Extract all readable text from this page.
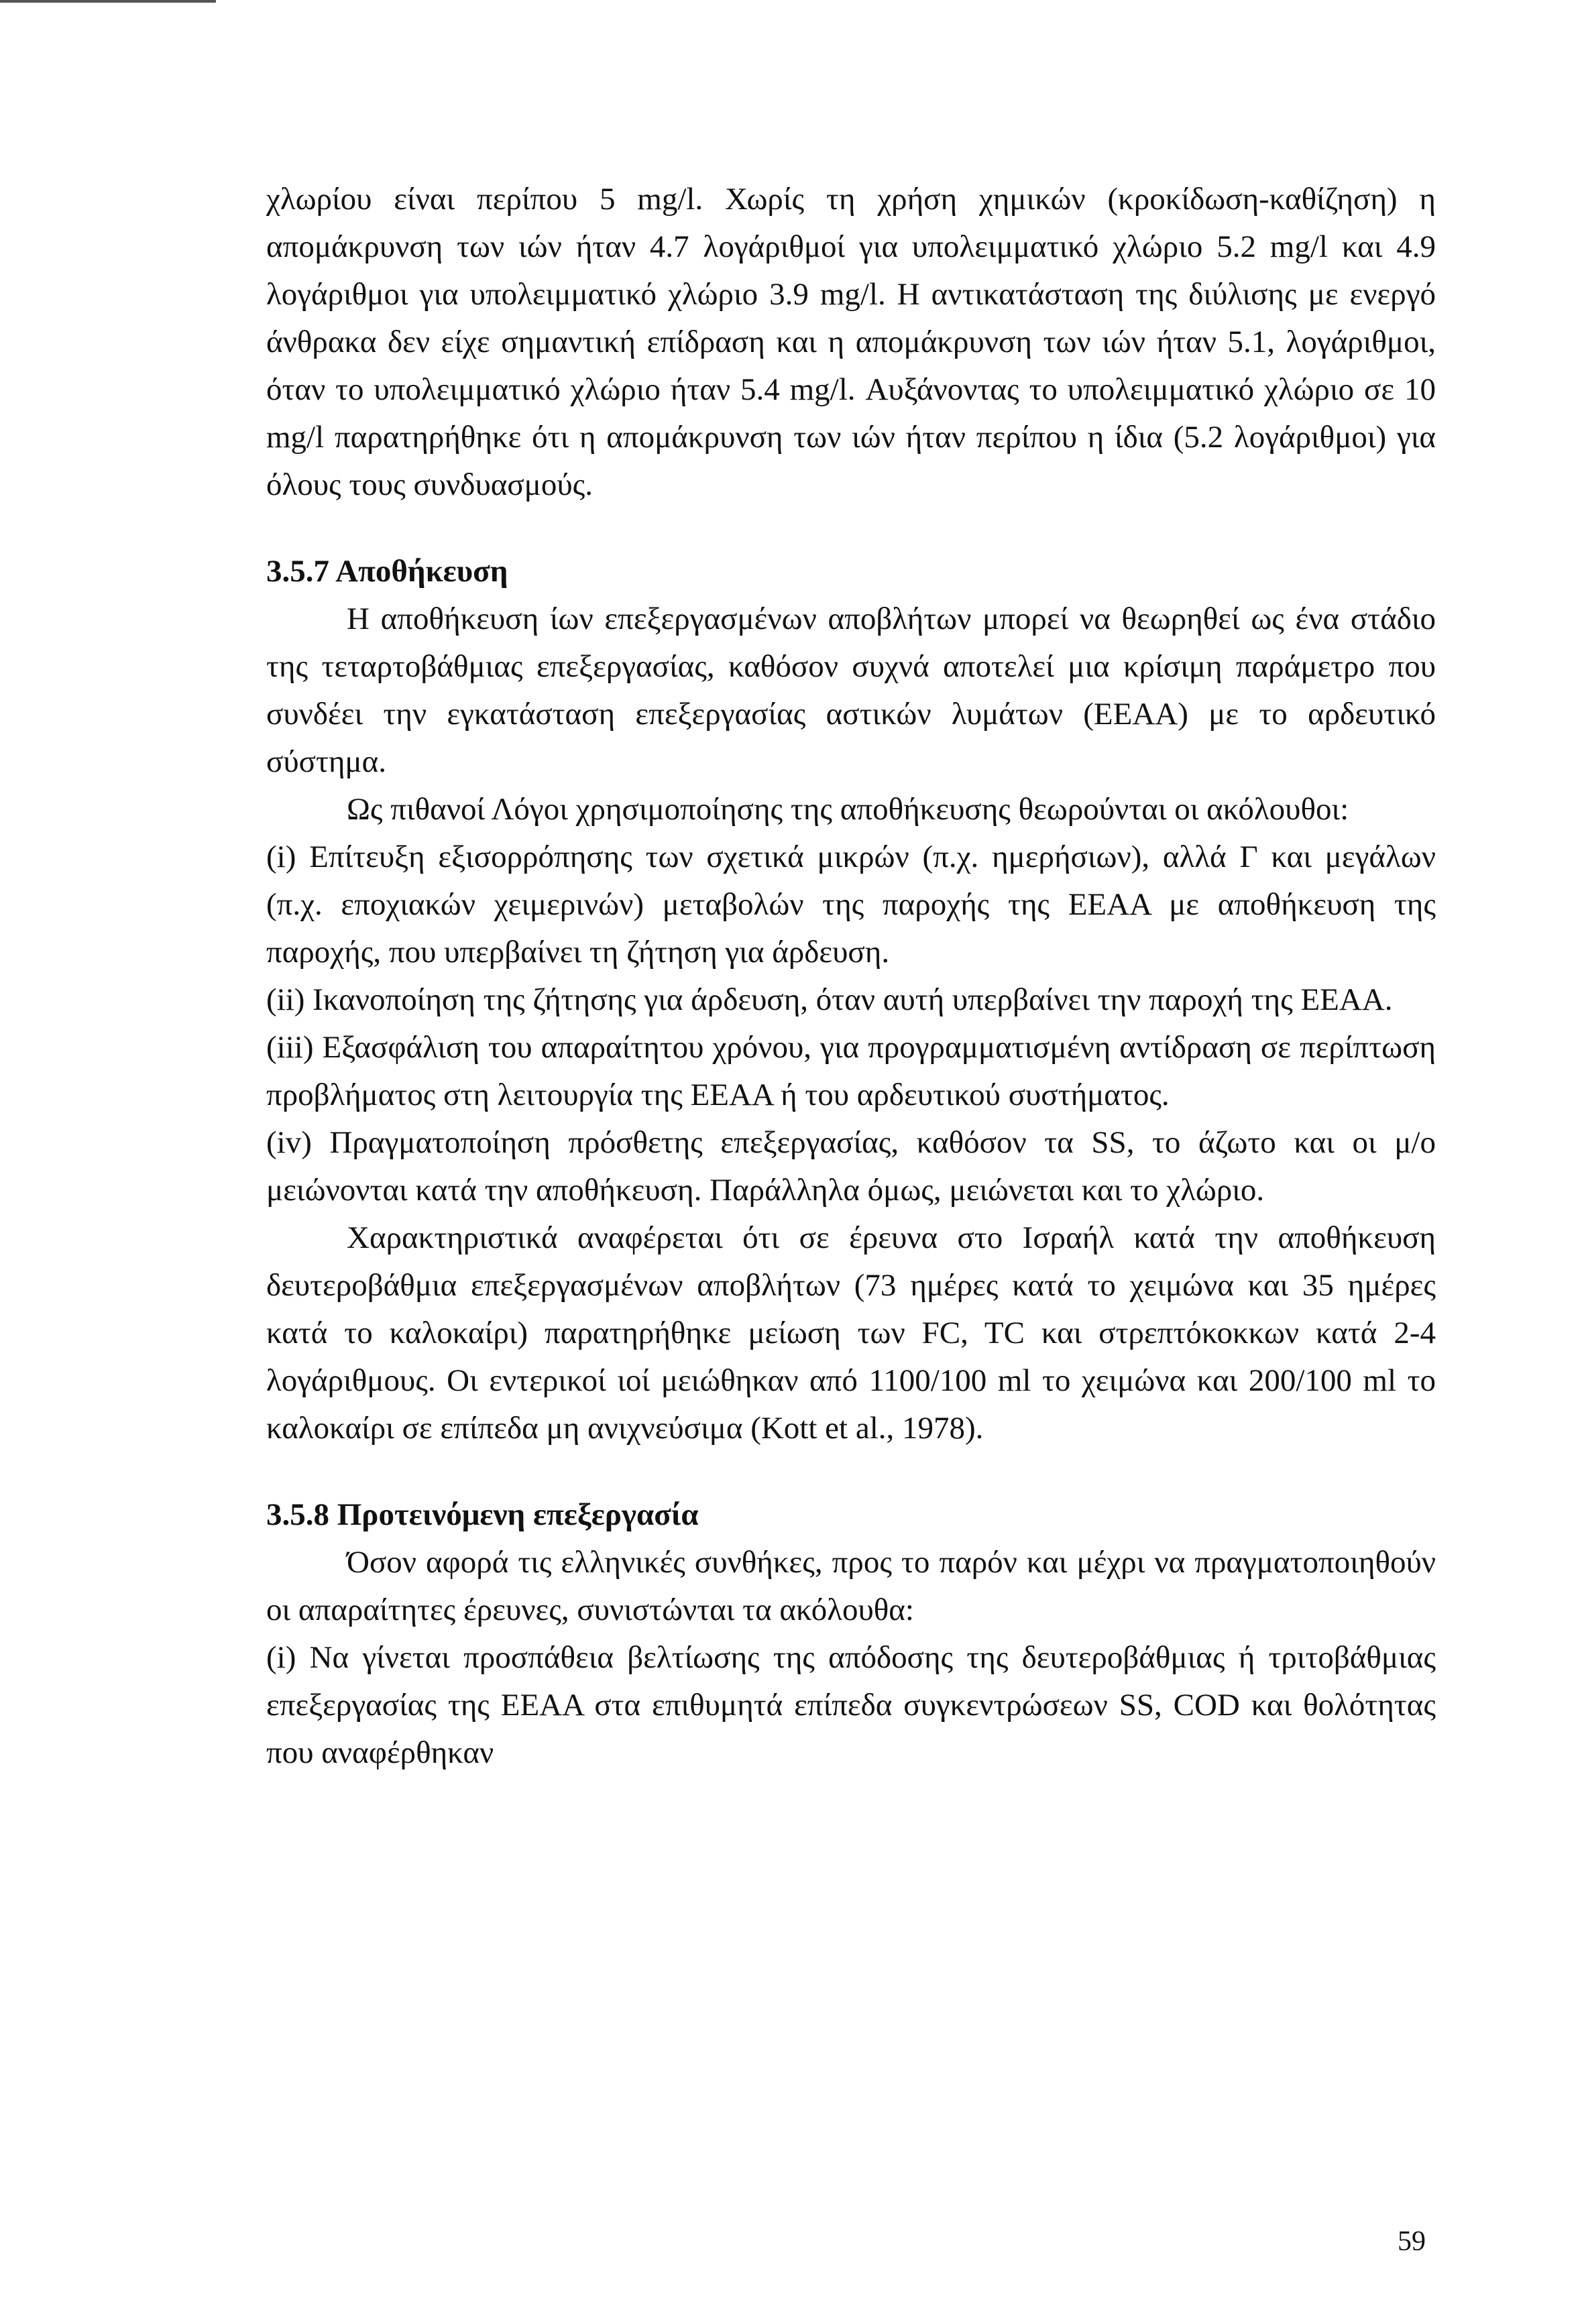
χλωρίου είναι περίπου 5 mg/l. Χωρίς τη χρήση χημικών (κροκίδωση-καθίζηση) η απομάκρυνση των ιών ήταν 4.7 λογάριθμοί για υπολειμματικό χλώριο 5.2 mg/l και 4.9 λογάριθμοι για υπολειμματικό χλώριο 3.9 mg/l. Η αντικατάσταση της διύλισης με ενεργό άνθρακα δεν είχε σημαντική επίδραση και η απομάκρυνση των ιών ήταν 5.1, λογάριθμοι, όταν το υπολειμματικό χλώριο ήταν 5.4 mg/l. Αυξάνοντας το υπολειμματικό χλώριο σε 10 mg/l παρατηρήθηκε ότι η απομάκρυνση των ιών ήταν περίπου η ίδια (5.2 λογάριθμοι) για όλους τους συνδυασμούς.

3.5.7 Αποθήκευση

Η αποθήκευση ίων επεξεργασμένων αποβλήτων μπορεί να θεωρηθεί ως ένα στάδιο της τεταρτοβάθμιας επεξεργασίας, καθόσον συχνά αποτελεί μια κρίσιμη παράμετρο που συνδέει την εγκατάσταση επεξεργασίας αστικών λυμάτων (ΕΕΑΑ) με το αρδευτικό σύστημα.

Ως πιθανοί Λόγοι χρησιμοποίησης της αποθήκευσης θεωρούνται οι ακόλουθοι:

(i) Επίτευξη εξισορρόπησης των σχετικά μικρών (π.χ. ημερήσιων), αλλά Γ και μεγάλων (π.χ. εποχιακών χειμερινών) μεταβολών της παροχής της ΕΕΑΑ με αποθήκευση της παροχής, που υπερβαίνει τη ζήτηση για άρδευση.

(ii) Ικανοποίηση της ζήτησης για άρδευση, όταν αυτή υπερβαίνει την παροχή της ΕΕΑΑ.

(iii) Εξασφάλιση του απαραίτητου χρόνου, για προγραμματισμένη αντίδραση σε περίπτωση προβλήματος στη λειτουργία της ΕΕΑΑ ή του αρδευτικού συστήματος.

(iv) Πραγματοποίηση πρόσθετης επεξεργασίας, καθόσον τα SS, το άζωτο και οι μ/ο μειώνονται κατά την αποθήκευση. Παράλληλα όμως, μειώνεται και το χλώριο.

Χαρακτηριστικά αναφέρεται ότι σε έρευνα στο Ισραήλ κατά την αποθήκευση δευτεροβάθμια επεξεργασμένων αποβλήτων (73 ημέρες κατά το χειμώνα και 35 ημέρες κατά το καλοκαίρι) παρατηρήθηκε μείωση των FC, TC και στρεπτόκοκκων κατά 2-4 λογάριθμους. Οι εντερικοί ιοί μειώθηκαν από 1100/100 ml το χειμώνα και 200/100 ml το καλοκαίρι σε επίπεδα μη ανιχνεύσιμα (Kott et al., 1978).

3.5.8 Προτεινόμενη επεξεργασία

Όσον αφορά τις ελληνικές συνθήκες, προς το παρόν και μέχρι να πραγματοποιηθούν οι απαραίτητες έρευνες, συνιστώνται τα ακόλουθα:

(i) Να γίνεται προσπάθεια βελτίωσης της απόδοσης της δευτεροβάθμιας ή τριτοβάθμιας επεξεργασίας της ΕΕΑΑ στα επιθυμητά επίπεδα συγκεντρώσεων SS, COD και θολότητας που αναφέρθηκαν

59
